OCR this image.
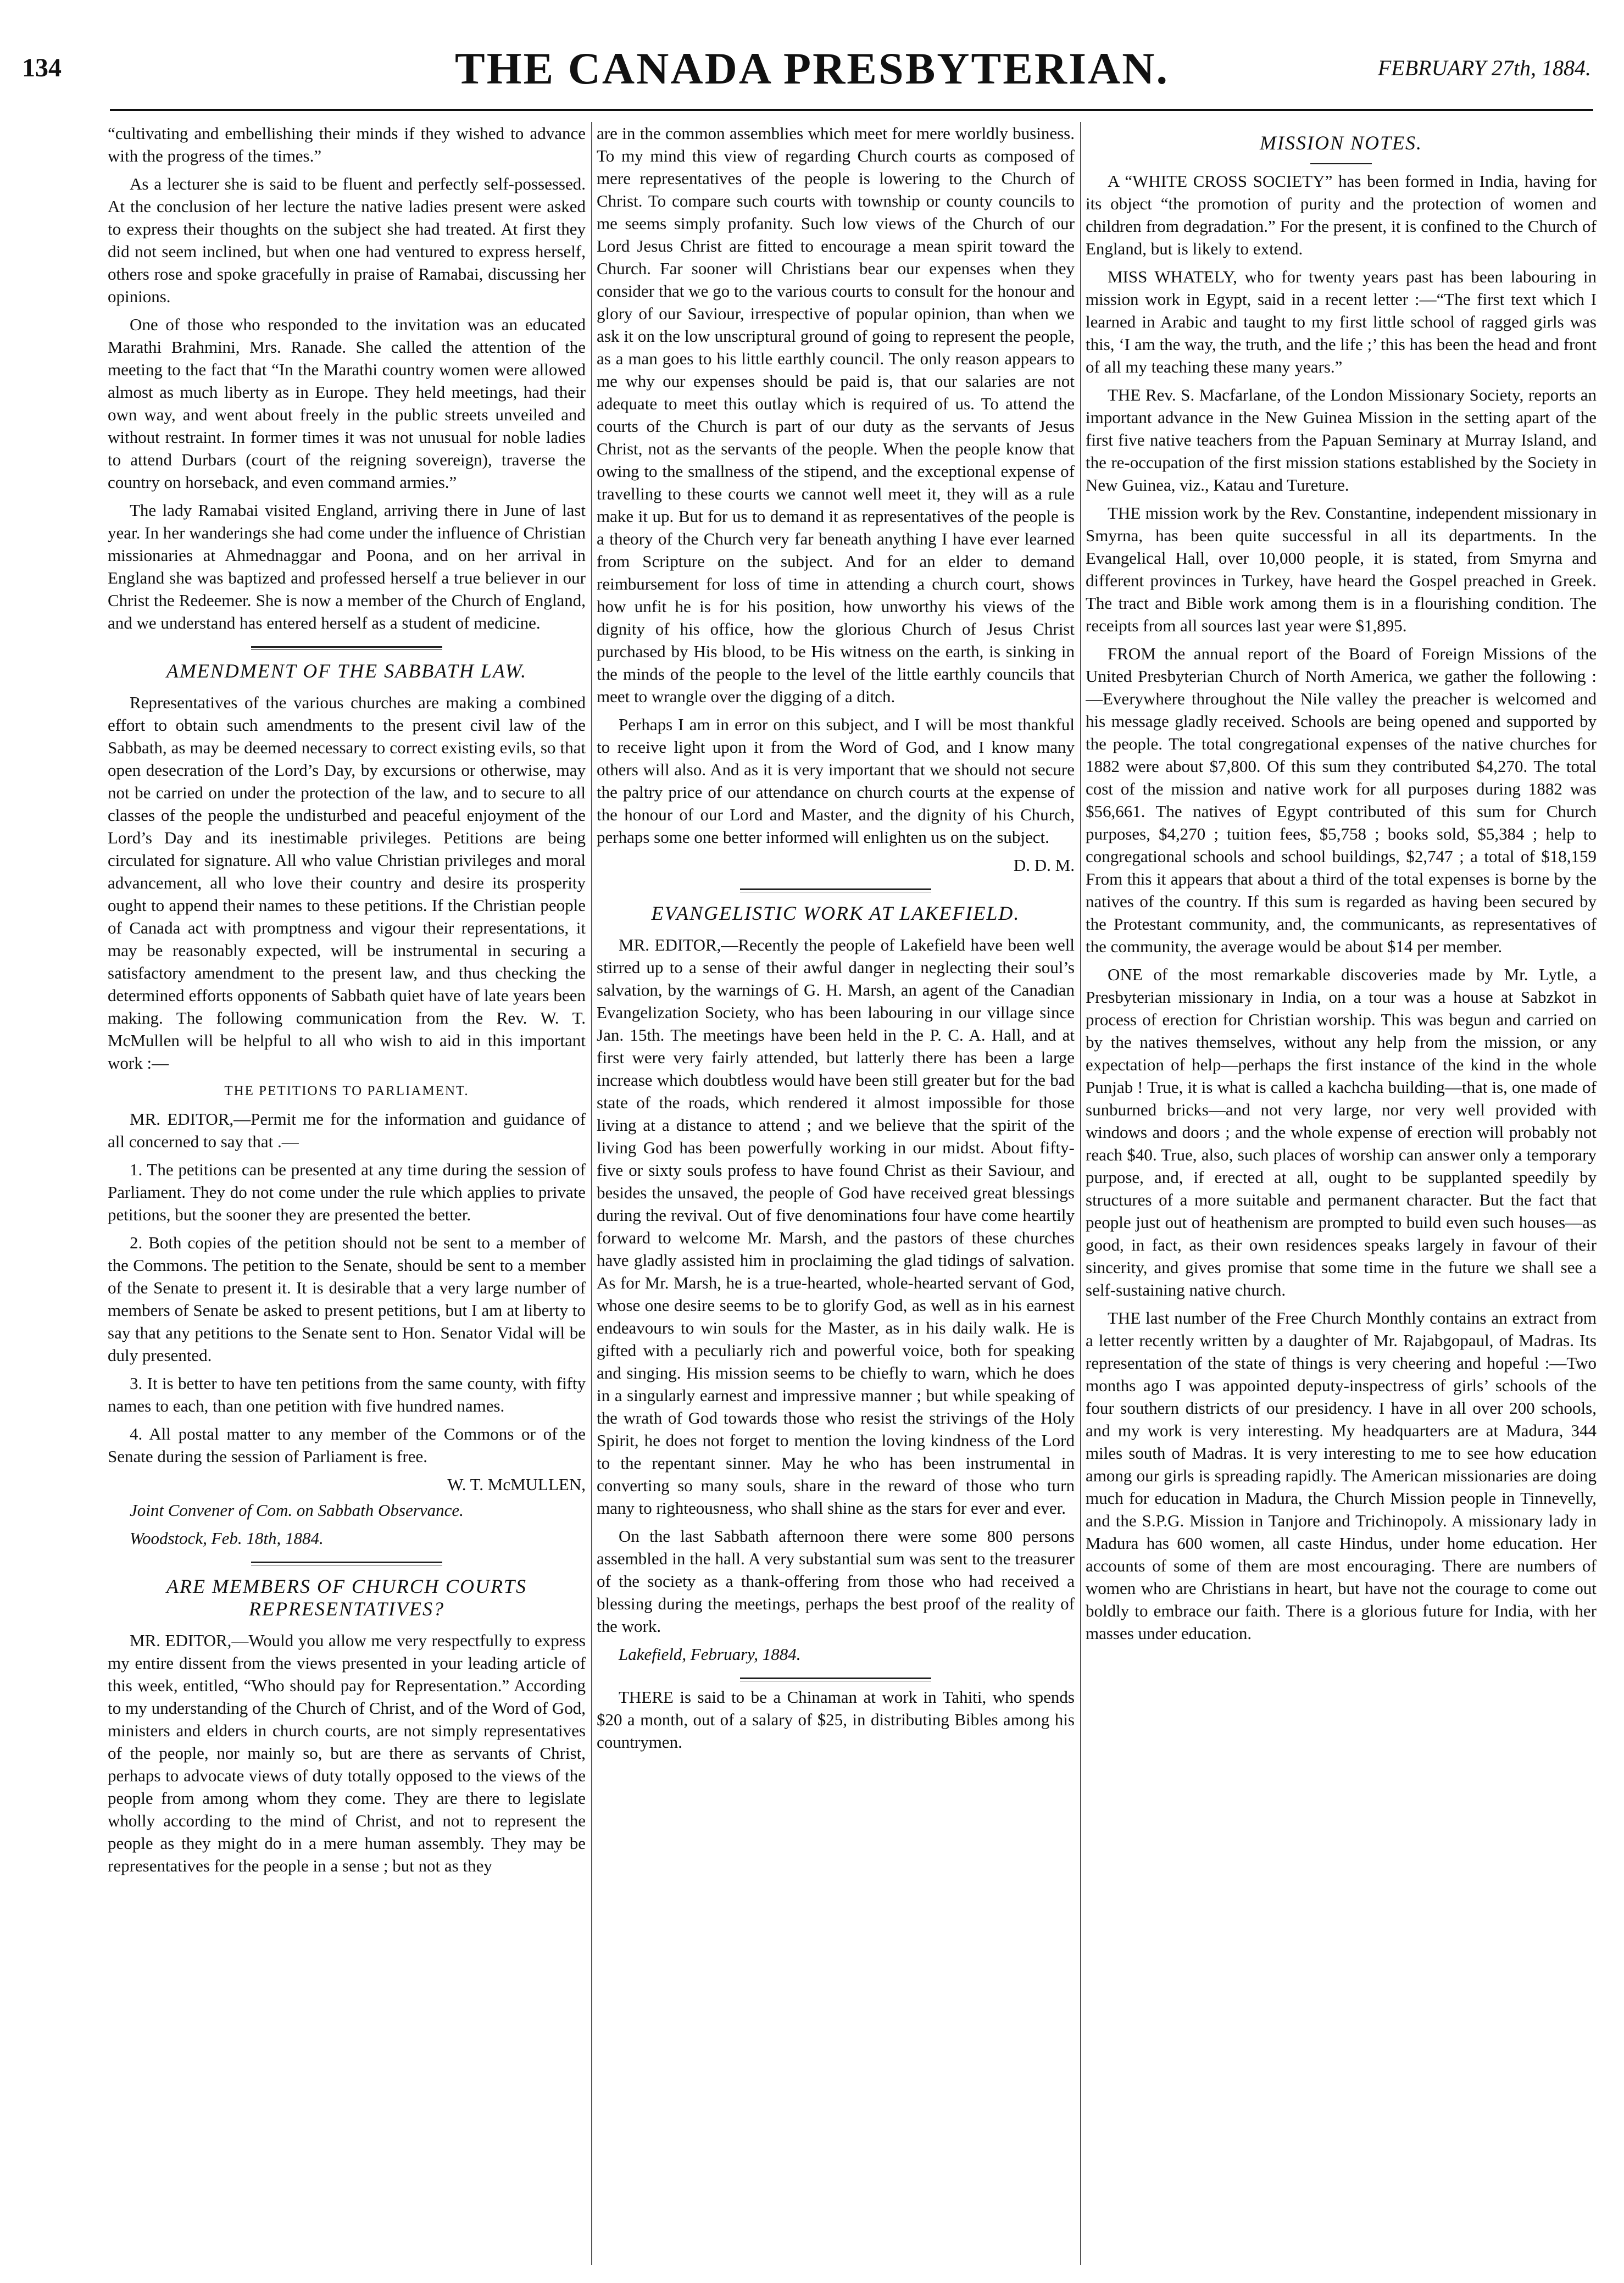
134	THE CANADA PRESBYTERIAN.	FEBRUARY 27th, 1884.

“cultivating and embellishing their minds if they wished to advance with the progress of the times.”

As a lecturer she is said to be fluent and perfectly self-possessed. At the conclusion of her lecture the native ladies present were asked to express their thoughts on the subject she had treated. At first they did not seem inclined, but when one had ventured to express herself, others rose and spoke gracefully in praise of Ramabai, discussing her opinions.

One of those who responded to the invitation was an educated Marathi Brahmini, Mrs. Ranade. She called the attention of the meeting to the fact that “In the Marathi country women were allowed almost as much liberty as in Europe. They held meetings, had their own way, and went about freely in the public streets unveiled and without restraint. In former times it was not unusual for noble ladies to attend Durbars (court of the reigning sovereign), traverse the country on horseback, and even command armies.”

The lady Ramabai visited England, arriving there in June of last year. In her wanderings she had come under the influence of Christian missionaries at Ahmednaggar and Poona, and on her arrival in England she was baptized and professed herself a true believer in our Christ the Redeemer. She is now a member of the Church of England, and we understand has entered herself as a student of medicine.

AMENDMENT OF THE SABBATH LAW.

Representatives of the various churches are making a combined effort to obtain such amendments to the present civil law of the Sabbath, as may be deemed necessary to correct existing evils, so that open desecration of the Lord’s Day, by excursions or otherwise, may not be carried on under the protection of the law, and to secure to all classes of the people the undisturbed and peaceful enjoyment of the Lord’s Day and its inestimable privileges. Petitions are being circulated for signature. All who value Christian privileges and moral advancement, all who love their country and desire its prosperity ought to append their names to these petitions. If the Christian people of Canada act with promptness and vigour their representations, it may be reasonably expected, will be instrumental in securing a satisfactory amendment to the present law, and thus checking the determined efforts opponents of Sabbath quiet have of late years been making. The following communication from the Rev. W. T. McMullen will be helpful to all who wish to aid in this important work :—

THE PETITIONS TO PARLIAMENT.

MR. EDITOR,—Permit me for the information and guidance of all concerned to say that .—

1. The petitions can be presented at any time during the session of Parliament. They do not come under the rule which applies to private petitions, but the sooner they are presented the better.

2. Both copies of the petition should not be sent to a member of the Commons. The petition to the Senate, should be sent to a member of the Senate to present it. It is desirable that a very large number of members of Senate be asked to present petitions, but I am at liberty to say that any petitions to the Senate sent to Hon. Senator Vidal will be duly presented.

3. It is better to have ten petitions from the same county, with fifty names to each, than one petition with five hundred names.

4. All postal matter to any member of the Commons or of the Senate during the session of Parliament is free.

W. T. McMULLEN,

Joint Convener of Com. on Sabbath Observance.

Woodstock, Feb. 18th, 1884.

ARE MEMBERS OF CHURCH COURTS REPRESENTATIVES?

MR. EDITOR,—Would you allow me very respectfully to express my entire dissent from the views presented in your leading article of this week, entitled, “Who should pay for Representation.” According to my understanding of the Church of Christ, and of the Word of God, ministers and elders in church courts, are not simply representatives of the people, nor mainly so, but are there as servants of Christ, perhaps to advocate views of duty totally opposed to the views of the people from among whom they come. They are there to legislate wholly according to the mind of Christ, and not to represent the people as they might do in a mere human assembly. They may be representatives for the people in a sense ; but not as they

are in the common assemblies which meet for mere worldly business. To my mind this view of regarding Church courts as composed of mere representatives of the people is lowering to the Church of Christ. To compare such courts with township or county councils to me seems simply profanity. Such low views of the Church of our Lord Jesus Christ are fitted to encourage a mean spirit toward the Church. Far sooner will Christians bear our expenses when they consider that we go to the various courts to consult for the honour and glory of our Saviour, irrespective of popular opinion, than when we ask it on the low unscriptural ground of going to represent the people, as a man goes to his little earthly council. The only reason appears to me why our expenses should be paid is, that our salaries are not adequate to meet this outlay which is required of us. To attend the courts of the Church is part of our duty as the servants of Jesus Christ, not as the servants of the people. When the people know that owing to the smallness of the stipend, and the exceptional expense of travelling to these courts we cannot well meet it, they will as a rule make it up. But for us to demand it as representatives of the people is a theory of the Church very far beneath anything I have ever learned from Scripture on the subject. And for an elder to demand reimbursement for loss of time in attending a church court, shows how unfit he is for his position, how unworthy his views of the dignity of his office, how the glorious Church of Jesus Christ purchased by His blood, to be His witness on the earth, is sinking in the minds of the people to the level of the little earthly councils that meet to wrangle over the digging of a ditch.

Perhaps I am in error on this subject, and I will be most thankful to receive light upon it from the Word of God, and I know many others will also. And as it is very important that we should not secure the paltry price of our attendance on church courts at the expense of the honour of our Lord and Master, and the dignity of his Church, perhaps some one better informed will enlighten us on the subject.

D. D. M.
EVANGELISTIC WORK AT LAKEFIELD.

MR. EDITOR,—Recently the people of Lakefield have been well stirred up to a sense of their awful danger in neglecting their soul’s salvation, by the warnings of G. H. Marsh, an agent of the Canadian Evangelization Society, who has been labouring in our village since Jan. 15th. The meetings have been held in the P. C. A. Hall, and at first were very fairly attended, but latterly there has been a large increase which doubtless would have been still greater but for the bad state of the roads, which rendered it almost impossible for those living at a distance to attend ; and we believe that the spirit of the living God has been powerfully working in our midst. About fifty-five or sixty souls profess to have found Christ as their Saviour, and besides the unsaved, the people of God have received great blessings during the revival. Out of five denominations four have come heartily forward to welcome Mr. Marsh, and the pastors of these churches have gladly assisted him in proclaiming the glad tidings of salvation. As for Mr. Marsh, he is a true-hearted, whole-hearted servant of God, whose one desire seems to be to glorify God, as well as in his earnest endeavours to win souls for the Master, as in his daily walk. He is gifted with a peculiarly rich and powerful voice, both for speaking and singing. His mission seems to be chiefly to warn, which he does in a singularly earnest and impressive manner ; but while speaking of the wrath of God towards those who resist the strivings of the Holy Spirit, he does not forget to mention the loving kindness of the Lord to the repentant sinner. May he who has been instrumental in converting so many souls, share in the reward of those who turn many to righteousness, who shall shine as the stars for ever and ever.

On the last Sabbath afternoon there were some 800 persons assembled in the hall. A very substantial sum was sent to the treasurer of the society as a thank-offering from those who had received a blessing during the meetings, perhaps the best proof of the reality of the work.

Lakefield, February, 1884.

THERE is said to be a Chinaman at work in Tahiti, who spends $20 a month, out of a salary of $25, in distributing Bibles among his countrymen.

MISSION NOTES.

A “WHITE CROSS SOCIETY” has been formed in India, having for its object “the promotion of purity and the protection of women and children from degradation.” For the present, it is confined to the Church of England, but is likely to extend.

MISS WHATELY, who for twenty years past has been labouring in mission work in Egypt, said in a recent letter :—“The first text which I learned in Arabic and taught to my first little school of ragged girls was this, ‘I am the way, the truth, and the life ;’ this has been the head and front of all my teaching these many years.”

THE Rev. S. Macfarlane, of the London Missionary Society, reports an important advance in the New Guinea Mission in the setting apart of the first five native teachers from the Papuan Seminary at Murray Island, and the re-occupation of the first mission stations established by the Society in New Guinea, viz., Katau and Tureture.

THE mission work by the Rev. Constantine, independent missionary in Smyrna, has been quite successful in all its departments. In the Evangelical Hall, over 10,000 people, it is stated, from Smyrna and different provinces in Turkey, have heard the Gospel preached in Greek. The tract and Bible work among them is in a flourishing condition. The receipts from all sources last year were $1,895.

FROM the annual report of the Board of Foreign Missions of the United Presbyterian Church of North America, we gather the following :—Everywhere throughout the Nile valley the preacher is welcomed and his message gladly received. Schools are being opened and supported by the people. The total congregational expenses of the native churches for 1882 were about $7,800. Of this sum they contributed $4,270. The total cost of the mission and native work for all purposes during 1882 was $56,661. The natives of Egypt contributed of this sum for Church purposes, $4,270 ; tuition fees, $5,758 ; books sold, $5,384 ; help to congregational schools and school buildings, $2,747 ; a total of $18,159 From this it appears that about a third of the total expenses is borne by the natives of the country. If this sum is regarded as having been secured by the Protestant community, and, the communicants, as representatives of the community, the average would be about $14 per member.

ONE of the most remarkable discoveries made by Mr. Lytle, a Presbyterian missionary in India, on a tour was a house at Sabzkot in process of erection for Christian worship. This was begun and carried on by the natives themselves, without any help from the mission, or any expectation of help—perhaps the first instance of the kind in the whole Punjab ! True, it is what is called a kachcha building—that is, one made of sunburned bricks—and not very large, nor very well provided with windows and doors ; and the whole expense of erection will probably not reach $40. True, also, such places of worship can answer only a temporary purpose, and, if erected at all, ought to be supplanted speedily by structures of a more suitable and permanent character. But the fact that people just out of heathenism are prompted to build even such houses—as good, in fact, as their own residences speaks largely in favour of their sincerity, and gives promise that some time in the future we shall see a self-sustaining native church.

THE last number of the Free Church Monthly contains an extract from a letter recently written by a daughter of Mr. Rajabgopaul, of Madras. Its representation of the state of things is very cheering and hopeful :—Two months ago I was appointed deputy-inspectress of girls’ schools of the four southern districts of our presidency. I have in all over 200 schools, and my work is very interesting. My headquarters are at Madura, 344 miles south of Madras. It is very interesting to me to see how education among our girls is spreading rapidly. The American missionaries are doing much for education in Madura, the Church Mission people in Tinnevelly, and the S.P.G. Mission in Tanjore and Trichinopoly. A missionary lady in Madura has 600 women, all caste Hindus, under home education. Her accounts of some of them are most encouraging. There are numbers of women who are Christians in heart, but have not the courage to come out boldly to embrace our faith. There is a glorious future for India, with her masses under education.
